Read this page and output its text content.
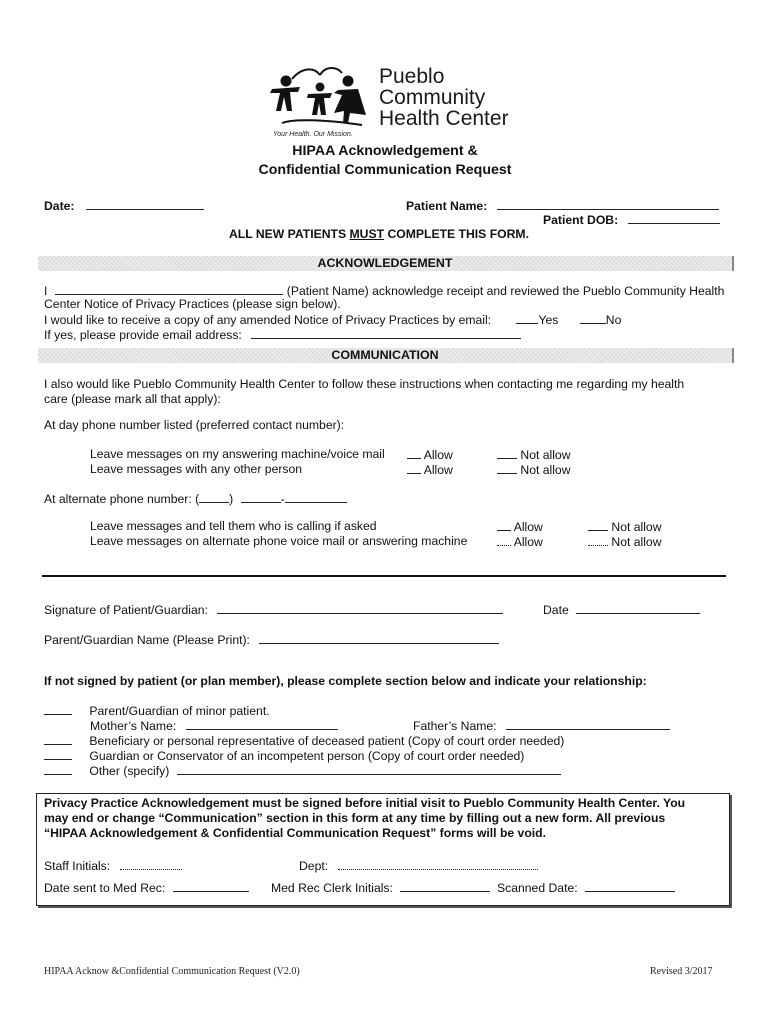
Pueblo
Community
Health Center
Your Health. Our Mission.
HIPAA Acknowledgement &
Confidential Communication Request
Date:	Patient Name:
Patient DOB:
ALL NEW PATIENTS MUST COMPLETE THIS FORM.
ACKNOWLEDGEMENT
I	(Patient Name) acknowledge receipt and reviewed the Pueblo Community Health
Center Notice of Privacy Practices (please sign below).
I would like to receive a copy of any amended Notice of Privacy Practices by email:	Yes	No
If yes, please provide email address:
COMMUNICATION
I also would like Pueblo Community Health Center to follow these instructions when contacting me regarding my health
care (please mark all that apply):
At day phone number listed (preferred contact number):
Leave messages on my answering machine/voice mail	Allow	Not allow
Leave messages with any other person	Allow	Not allow
At alternate phone number: ( )	-
Leave messages and tell them who is calling if asked	Allow	Not allow
Leave messages on alternate phone voice mail or answering machine	Allow	Not allow
Signature of Patient/Guardian:	Date
Parent/Guardian Name (Please Print):
If not signed by patient (or plan member), please complete section below and indicate your relationship:
Parent/Guardian of minor patient.
Mother’s Name:	Father’s Name:
Beneficiary or personal representative of deceased patient (Copy of court order needed)
Guardian or Conservator of an incompetent person (Copy of court order needed)
Other (specify)
Privacy Practice Acknowledgement must be signed before initial visit to Pueblo Community Health Center. You
may end or change “Communication” section in this form at any time by filling out a new form. All previous
“HIPAA Acknowledgement & Confidential Communication Request” forms will be void.
Staff Initials:	Dept:
Date sent to Med Rec:	Med Rec Clerk Initials:	Scanned Date:
HIPAA Acknow &Confidential Communication Request (V2.0)	Revised 3/2017
